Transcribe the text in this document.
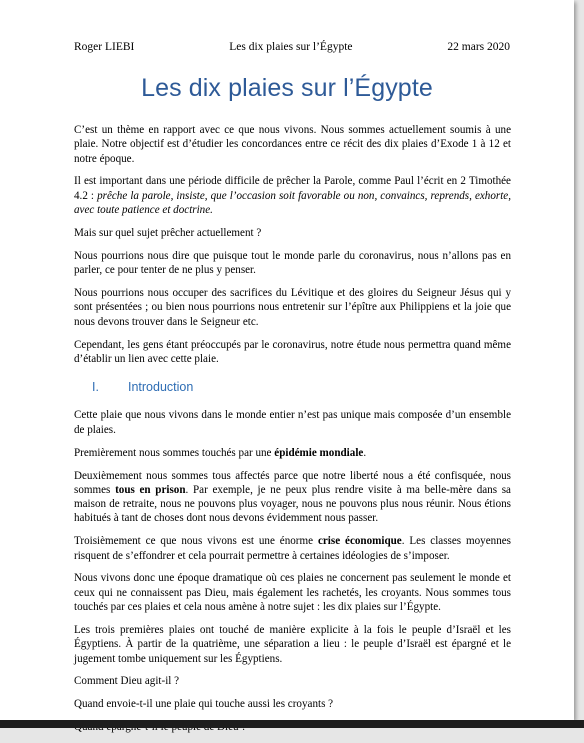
Roger LIEBI	Les dix plaies sur l’Égypte	22 mars 2020
Les dix plaies sur l’Égypte

C’est un thème en rapport avec ce que nous vivons. Nous sommes actuellement soumis à une plaie. Notre objectif est d’étudier les concordances entre ce récit des dix plaies d’Exode 1 à 12 et notre époque.

Il est important dans une période difficile de prêcher la Parole, comme Paul l’écrit en 2 Timothée 4.2 : prêche la parole, insiste, que l’occasion soit favorable ou non, convaincs, reprends, exhorte, avec toute patience et doctrine.

Mais sur quel sujet prêcher actuellement ?

Nous pourrions nous dire que puisque tout le monde parle du coronavirus, nous n’allons pas en parler, ce pour tenter de ne plus y penser.

Nous pourrions nous occuper des sacrifices du Lévitique et des gloires du Seigneur Jésus qui y sont présentées ; ou bien nous pourrions nous entretenir sur l’épître aux Philippiens et la joie que nous devons trouver dans le Seigneur etc.

Cependant, les gens étant préoccupés par le coronavirus, notre étude nous permettra quand même d’établir un lien avec cette plaie.

I.	Introduction

Cette plaie que nous vivons dans le monde entier n’est pas unique mais composée d’un ensemble de plaies.

Premièrement nous sommes touchés par une épidémie mondiale.

Deuxièmement nous sommes tous affectés parce que notre liberté nous a été confisquée, nous sommes tous en prison. Par exemple, je ne peux plus rendre visite à ma belle-mère dans sa maison de retraite, nous ne pouvons plus voyager, nous ne pouvons plus nous réunir. Nous étions habitués à tant de choses dont nous devons évidemment nous passer.

Troisièmement ce que nous vivons est une énorme crise économique. Les classes moyennes risquent de s’effondrer et cela pourrait permettre à certaines idéologies de s’imposer.

Nous vivons donc une époque dramatique où ces plaies ne concernent pas seulement le monde et ceux qui ne connaissent pas Dieu, mais également les rachetés, les croyants. Nous sommes tous touchés par ces plaies et cela nous amène à notre sujet : les dix plaies sur l’Égypte.

Les trois premières plaies ont touché de manière explicite à la fois le peuple d’Israël et les Égyptiens. À partir de la quatrième, une séparation a lieu : le peuple d’Israël est épargné et le jugement tombe uniquement sur les Égyptiens.

Comment Dieu agit-il ?

Quand envoie-t-il une plaie qui touche aussi les croyants ?
